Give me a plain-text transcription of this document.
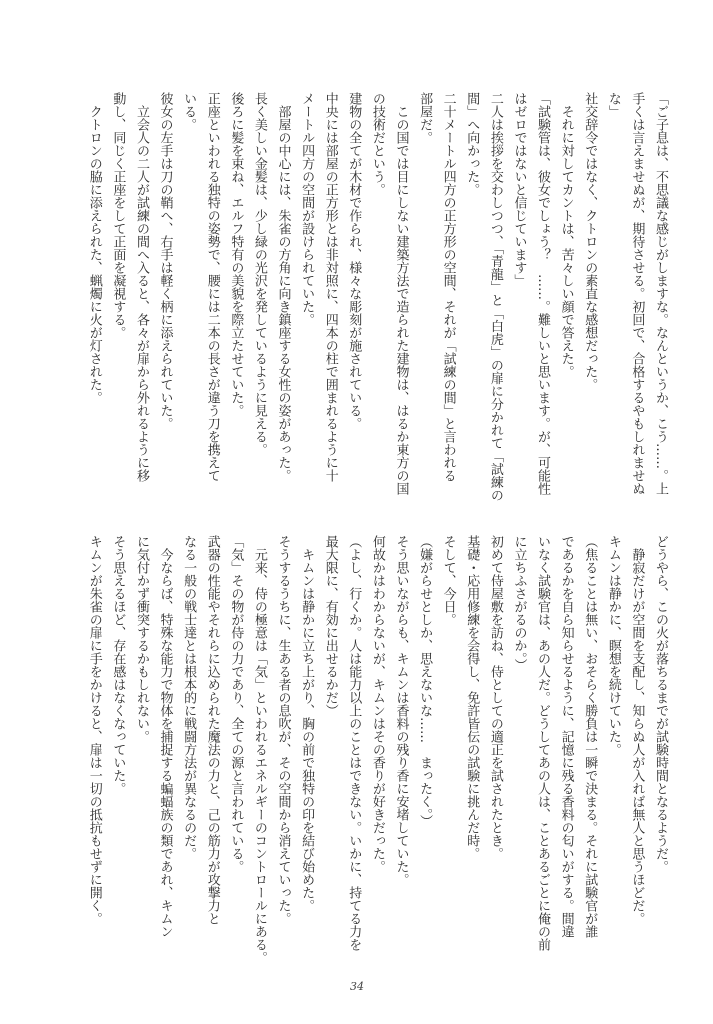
「ご子息は、不思議な感じがしますな。なんというか、こう……。上
手くは言えませぬが、期待させる。初回で、合格するやもしれませぬ
な」
社交辞令ではなく、クトロンの素直な感想だった。
　それに対してカントは、苦々しい顔で答えた。
「試験管は、彼女でしょう？　……。難しいと思います。が、可能性
はゼロではないと信じています」
二人は挨拶を交わしつつ、「青龍」と「白虎」の扉に分かれて「試練の
間」へ向かった。
二十メートル四方の正方形の空間、それが「試練の間」と言われる
部屋だ。
　この国では目にしない建築方法で造られた建物は、はるか東方の国
の技術だという。
建物の全てが木材で作られ、様々な彫刻が施されている。
中央には部屋の正方形とは非対照に、四本の柱で囲まれるように十
メートル四方の空間が設けられていた。
　部屋の中心には、朱雀の方角に向き鎮座する女性の姿があった。
長く美しい金髪は、少し緑の光沢を発しているように見える。
後ろに髪を束ね、エルフ特有の美貌を際立たせていた。
正座といわれる独特の姿勢で、腰には二本の長さが違う刀を携えて
いる。
彼女の左手は刀の鞘へ、右手は軽く柄に添えられていた。
　立会人の二人が試練の間へ入ると、各々が扉から外れるように移
動し、同じく正座をして正面を凝視する。
　クトロンの脇に添えられた、蝋燭に火が灯された。
どうやら、この火が落ちるまでが試験時間となるようだ。
　静寂だけが空間を支配し、知らぬ人が入れば無人と思うほどだ。
キムンは静かに、瞑想を続けていた。
（焦ることは無い、おそらく勝負は一瞬で決まる。それに試験官が誰
であるかを自ら知らせるように、記憶に残る香料の匂いがする。間違
いなく試験官は、あの人だ。どうしてあの人は、ことあるごとに俺の前
に立ちふさがるのか。）
初めて侍屋敷を訪ね、侍としての適正を試されたとき。
基礎・応用修練を会得し、免許皆伝の試験に挑んだ時。
そして、今日。
（嫌がらせとしか、思えないな……　まったく。）
そう思いながらも、キムンは香料の残り香に安堵していた。
何故かはわからないが、キムンはその香りが好きだった。
（よし、行くか。人は能力以上のことはできない。いかに、持てる力を
最大限に、有効に出せるかだ）
　キムンは静かに立ち上がり、胸の前で独特の印を結び始めた。
そうするうちに、生ある者の息吹が、その空間から消えていった。
　元来、侍の極意は「気」といわれるエネルギーのコントロールにある。
「気」その物が侍の力であり、全ての源と言われている。
武器の性能やそれらに込められた魔法の力と、己の筋力が攻撃力と
なる一般の戦士達とは根本的に戦闘方法が異なるのだ。
　今ならば、特殊な能力で物体を捕捉する蝙蝠族の類であれ、キムン
に気付かず衝突するかもしれない。
そう思えるほど、存在感はなくなっていた。
キムンが朱雀の扉に手をかけると、扉は一切の抵抗もせずに開く。
34
